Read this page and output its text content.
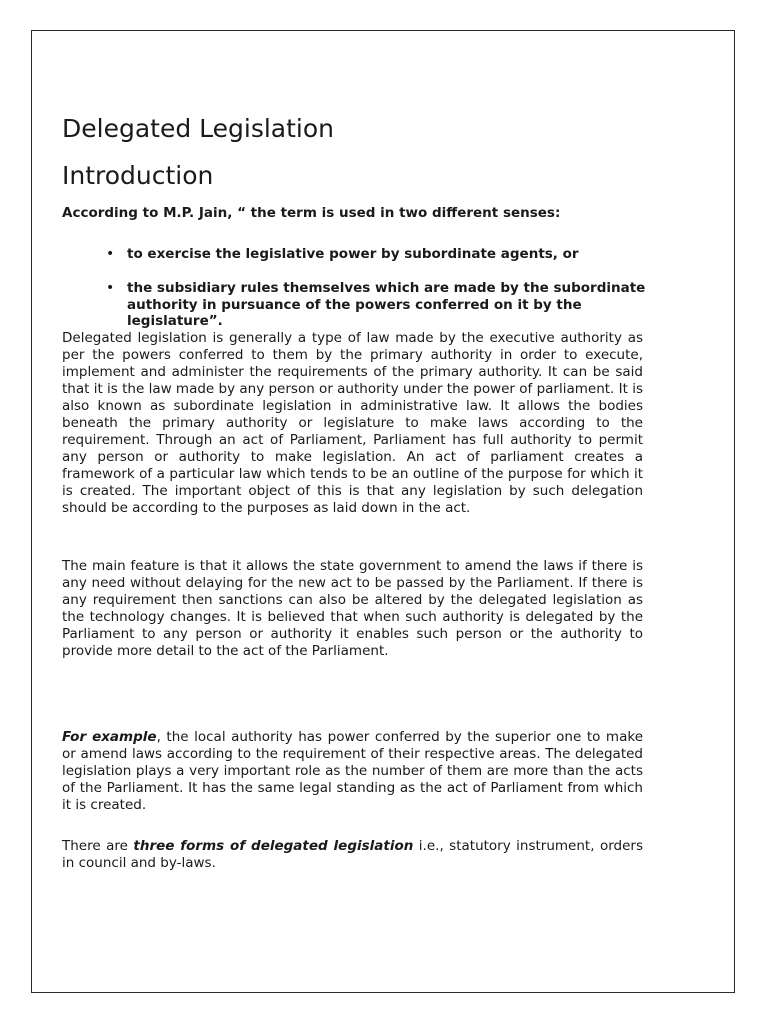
Delegated Legislation
Introduction

According to M.P. Jain, “ the term is used in two different senses:

• to exercise the legislative power by subordinate agents, or
• the subsidiary rules themselves which are made by the subordinate authority in pursuance of the powers conferred on it by the legislature”.

Delegated legislation is generally a type of law made by the executive authority as per the powers conferred to them by the primary authority in order to execute, implement and administer the requirements of the primary authority. It can be said that it is the law made by any person or authority under the power of parliament. It is also known as subordinate legislation in administrative law. It allows the bodies beneath the primary authority or legislature to make laws according to the requirement. Through an act of Parliament, Parliament has full authority to permit any person or authority to make legislation. An act of parliament creates a framework of a particular law which tends to be an outline of the purpose for which it is created. The important object of this is that any legislation by such delegation should be according to the purposes as laid down in the act.

The main feature is that it allows the state government to amend the laws if there is any need without delaying for the new act to be passed by the Parliament. If there is any requirement then sanctions can also be altered by the delegated legislation as the technology changes. It is believed that when such authority is delegated by the Parliament to any person or authority it enables such person or the authority to provide more detail to the act of the Parliament.

For example, the local authority has power conferred by the superior one to make or amend laws according to the requirement of their respective areas. The delegated legislation plays a very important role as the number of them are more than the acts of the Parliament. It has the same legal standing as the act of Parliament from which it is created.

There are three forms of delegated legislation i.e., statutory instrument, orders in council and by-laws.
